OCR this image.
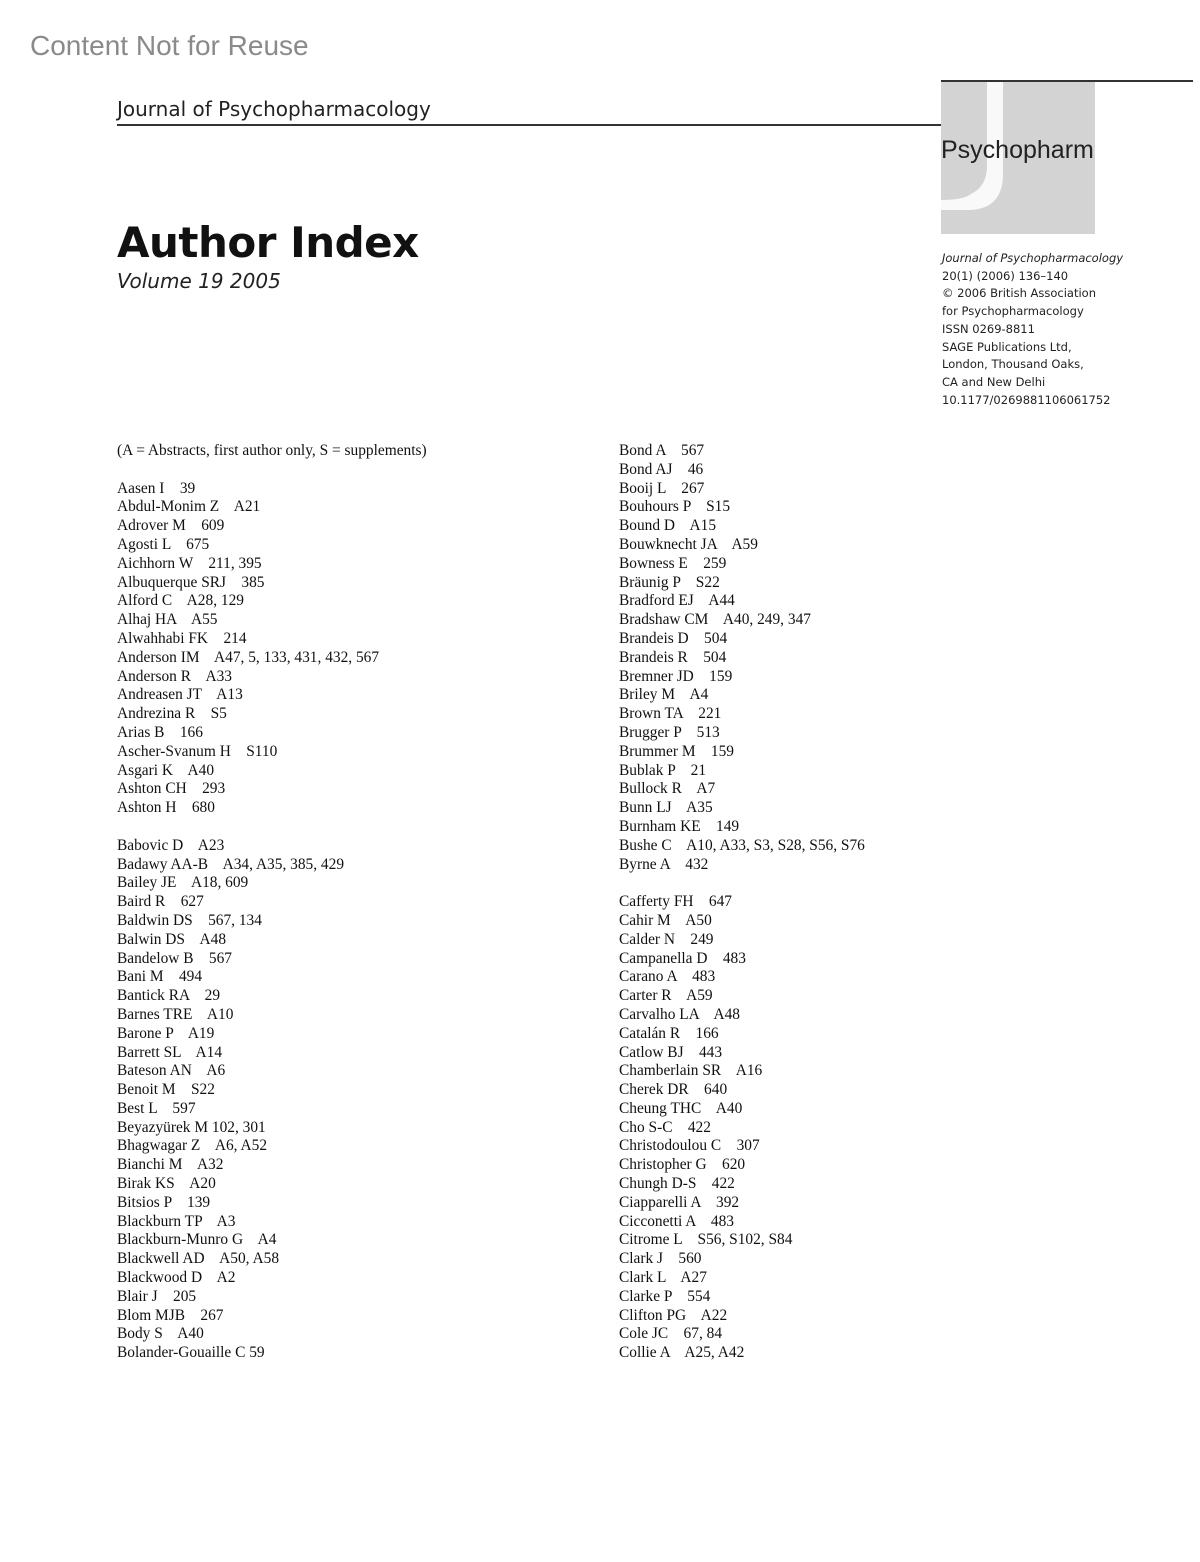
Content Not for Reuse
Journal of Psychopharmacology
Psychopharm
Author Index
Volume 19 2005
Journal of Psychopharmacology
20(1) (2006) 136–140
© 2006 British Association
for Psychopharmacology
ISSN 0269-8811
SAGE Publications Ltd,
London, Thousand Oaks,
CA and New Delhi
10.1177/0269881106061752
(A = Abstracts, first author only, S = supplements)
Aasen I    39
Abdul-Monim Z    A21
Adrover M    609
Agosti L    675
Aichhorn W    211, 395
Albuquerque SRJ    385
Alford C    A28, 129
Alhaj HA    A55
Alwahhabi FK    214
Anderson IM    A47, 5, 133, 431, 432, 567
Anderson R    A33
Andreasen JT    A13
Andrezina R    S5
Arias B    166
Ascher-Svanum H    S110
Asgari K    A40
Ashton CH    293
Ashton H    680
Babovic D    A23
Badawy AA-B    A34, A35, 385, 429
Bailey JE    A18, 609
Baird R    627
Baldwin DS    567, 134
Balwin DS    A48
Bandelow B    567
Bani M    494
Bantick RA    29
Barnes TRE    A10
Barone P    A19
Barrett SL    A14
Bateson AN    A6
Benoit M    S22
Best L    597
Beyazyürek M 102, 301
Bhagwagar Z    A6, A52
Bianchi M    A32
Birak KS    A20
Bitsios P    139
Blackburn TP    A3
Blackburn-Munro G    A4
Blackwell AD    A50, A58
Blackwood D    A2
Blair J    205
Blom MJB    267
Body S    A40
Bolander-Gouaille C 59
Bond A    567
Bond AJ    46
Booij L    267
Bouhours P    S15
Bound D    A15
Bouwknecht JA    A59
Bowness E    259
Bräunig P    S22
Bradford EJ    A44
Bradshaw CM    A40, 249, 347
Brandeis D    504
Brandeis R    504
Bremner JD    159
Briley M    A4
Brown TA    221
Brugger P    513
Brummer M    159
Bublak P    21
Bullock R    A7
Bunn LJ    A35
Burnham KE    149
Bushe C    A10, A33, S3, S28, S56, S76
Byrne A    432
Cafferty FH    647
Cahir M    A50
Calder N    249
Campanella D    483
Carano A    483
Carter R    A59
Carvalho LA    A48
Catalán R    166
Catlow BJ    443
Chamberlain SR    A16
Cherek DR    640
Cheung THC    A40
Cho S-C    422
Christodoulou C    307
Christopher G    620
Chungh D-S    422
Ciapparelli A    392
Cicconetti A    483
Citrome L    S56, S102, S84
Clark J    560
Clark L    A27
Clarke P    554
Clifton PG    A22
Cole JC    67, 84
Collie A    A25, A42
